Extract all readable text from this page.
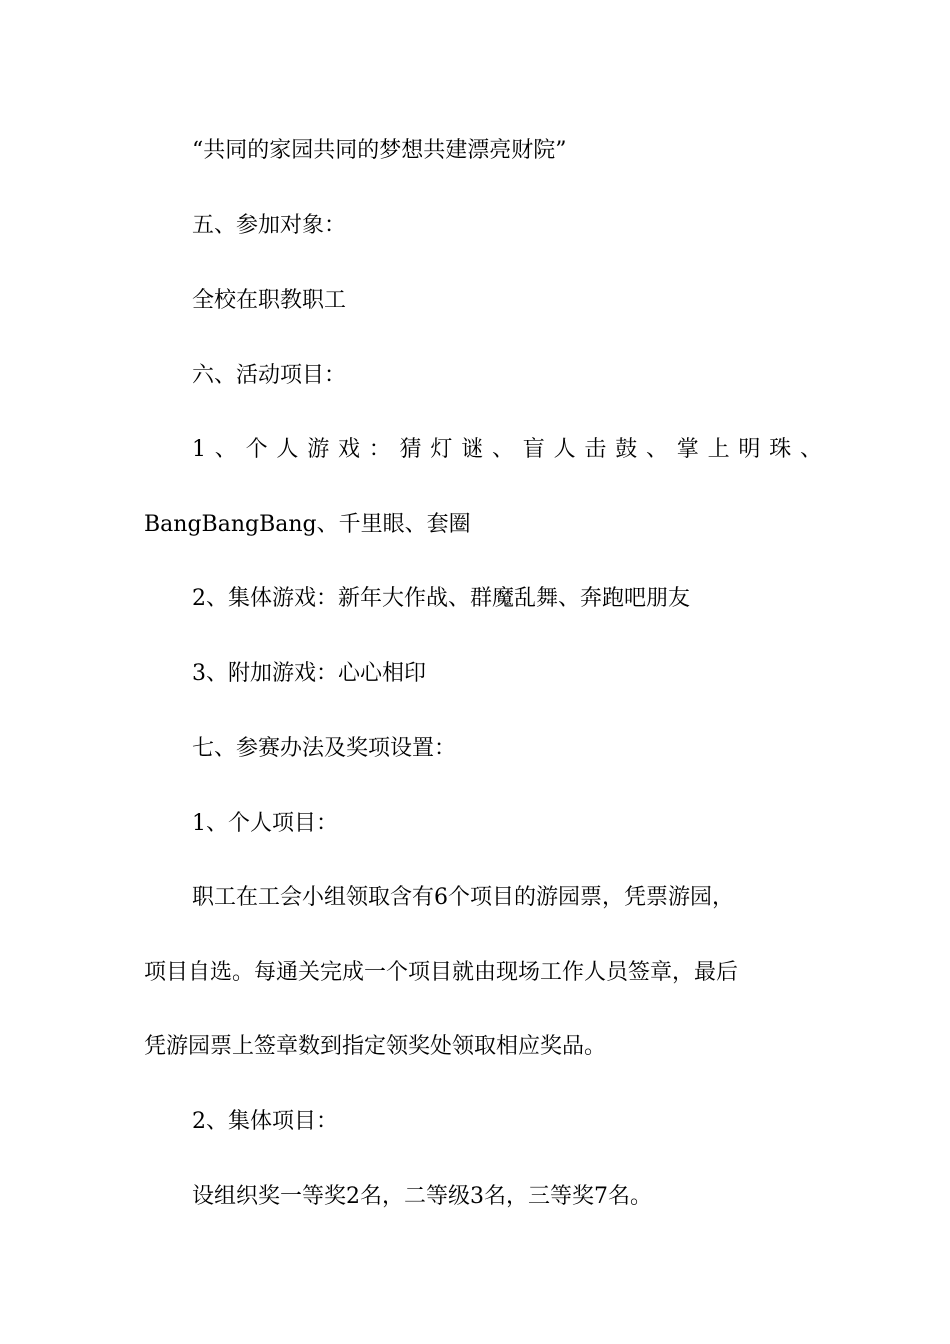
“共同的家园共同的梦想共建漂亮财院”
五、参加对象：
全校在职教职工
六、活动项目：
1、个人游戏：猜灯谜、盲人击鼓、掌上明珠、
BangBangBang、千里眼、套圈
2、集体游戏：新年大作战、群魔乱舞、奔跑吧朋友
3、附加游戏：心心相印
七、参赛办法及奖项设置：
1、个人项目：
职工在工会小组领取含有6个项目的游园票，凭票游园，
项目自选。每通关完成一个项目就由现场工作人员签章，最后
凭游园票上签章数到指定领奖处领取相应奖品。
2、集体项目：
设组织奖一等奖2名，二等级3名，三等奖7名。
